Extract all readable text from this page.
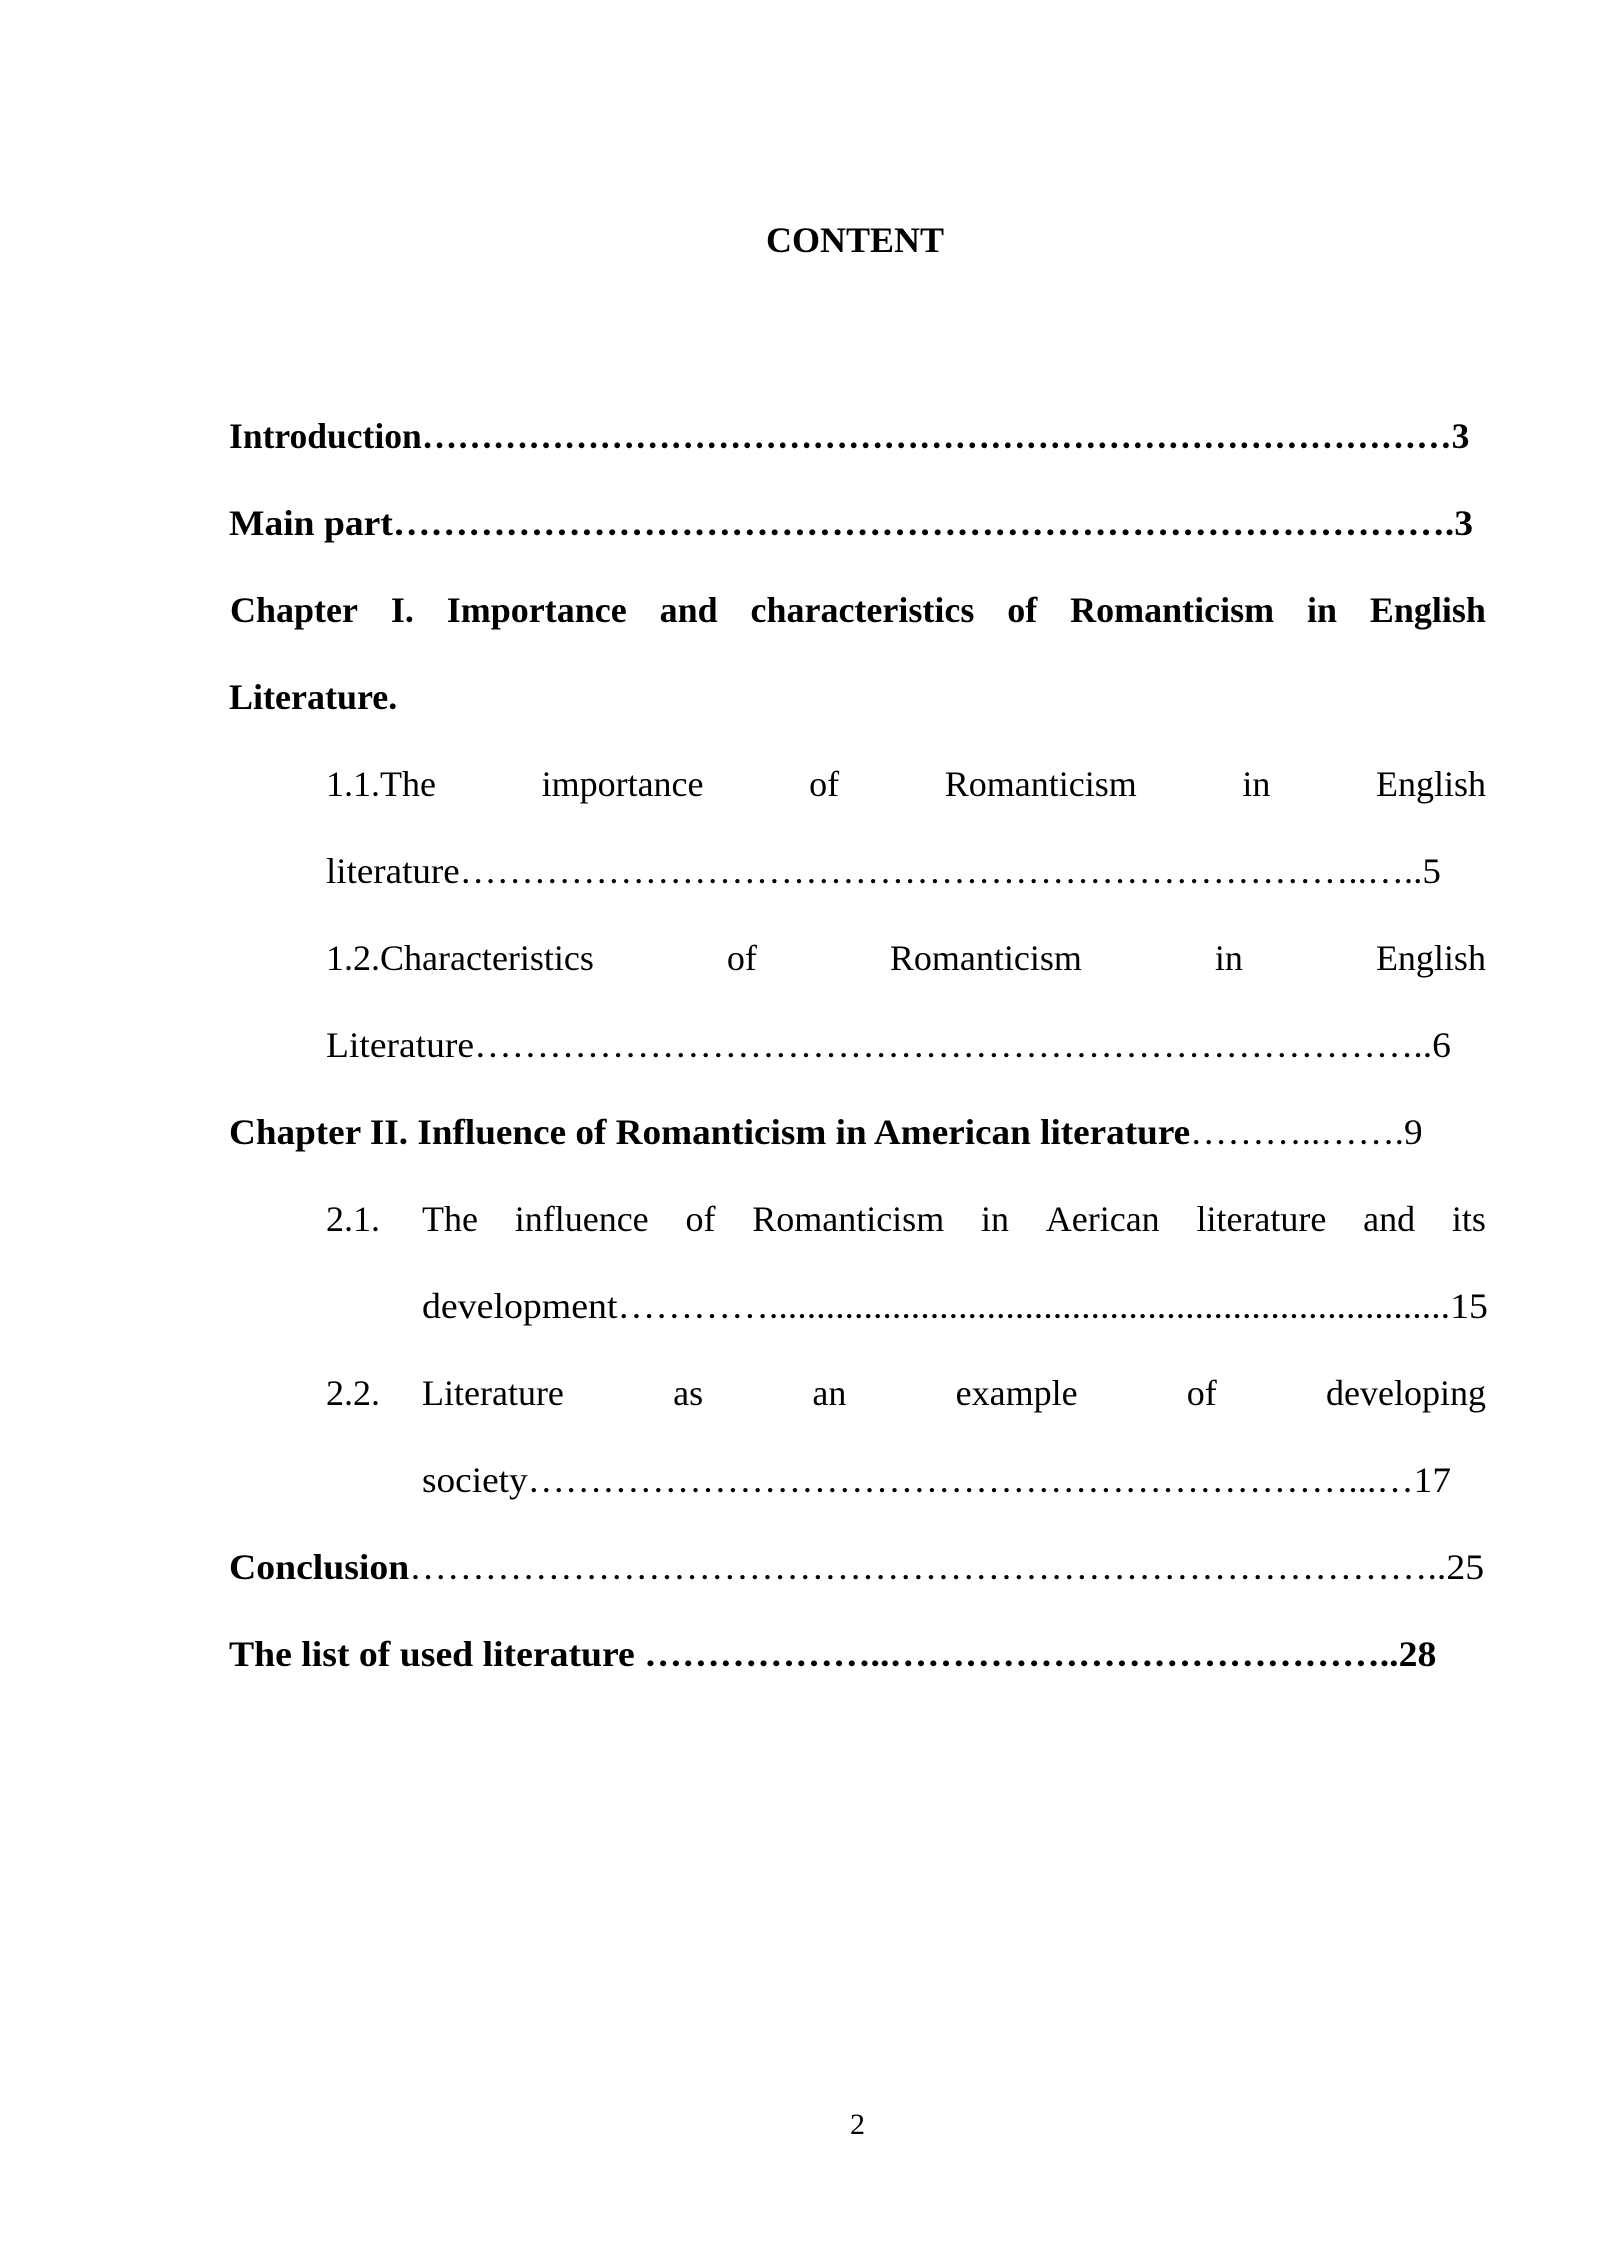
CONTENT
Introduction……………………………………………………………………………3
Main part………………………………………………………………………….3
Chapter I. Importance and characteristics of Romanticism in English
Literature.
1.1.The	importance	of	Romanticism	in	English
literature………………………………………………………………..…..5
1.2.Characteristics	of	Romanticism	in	English
Literature…………………………………………………………………..6
Chapter II. Influence of Romanticism in American literature………..…….9
2.1. The influence of Romanticism in Aerican literature and its
development…………........................................................................15
2.2. Literature	as	an	example	of	developing
society…………………………………………………………...…17
Conclusion………………………………………………………………………..25
The list of used literature ………………..…………………………………..28
2
